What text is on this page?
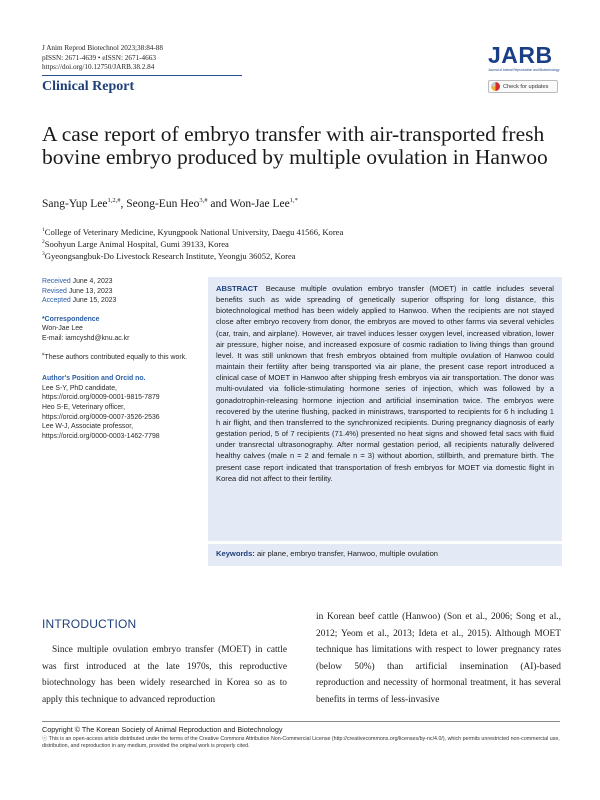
J Anim Reprod Biotechnol 2023;38:84-88
pISSN: 2671-4639 • eISSN: 2671-4663
https://doi.org/10.12750/JARB.38.2.84
Clinical Report
JARB
Journal of Animal Reproduction and Biotechnology
Check for updates
A case report of embryo transfer with air-transported fresh bovine embryo produced by multiple ovulation in Hanwoo
Sang-Yup Lee$^{1,2,\#}$, Seong-Eun Heo$^{3,\#}$ and Won-Jae Lee$^{1,*}$
$^1$College of Veterinary Medicine, Kyungpook National University, Daegu 41566, Korea
$^2$Soohyun Large Animal Hospital, Gumi 39133, Korea
$^3$Gyeongsangbuk-Do Livestock Research Institute, Yeongju 36052, Korea
Received June 4, 2023
Revised June 13, 2023
Accepted June 15, 2023
*Correspondence
Won-Jae Lee
E-mail: iamcyshd@knu.ac.kr
#These authors contributed equally to this work.
Author's Position and Orcid no.
Lee S-Y, PhD candidate,
https://orcid.org/0009-0001-9815-7879
Heo S-E, Veterinary officer,
https://orcid.org/0009-0007-3526-2536
Lee W-J, Associate professor,
https://orcid.org/0000-0003-1462-7798
ABSTRACT Because multiple ovulation embryo transfer (MOET) in cattle includes several benefits such as wide spreading of genetically superior offspring for long distance, this biotechnological method has been widely applied to Hanwoo. When the recipients are not stayed close after embryo recovery from donor, the embryos are moved to other farms via several vehicles (car, train, and airplane). However, air travel induces lesser oxygen level, increased vibration, lower air pressure, higher noise, and increased exposure of cosmic radiation to living things than ground level. It was still unknown that fresh embryos obtained from multiple ovulation of Hanwoo could maintain their fertility after being transported via air plane, the present case report introduced a clinical case of MOET in Hanwoo after shipping fresh embryos via air transportation. The donor was multi-ovulated via follicle-stimulating hormone series of injection, which was followed by a gonadotrophin-releasing hormone injection and artificial insemination twice. The embryos were recovered by the uterine flushing, packed in ministraws, transported to recipients for 6 h including 1 h air flight, and then transferred to the synchronized recipients. During pregnancy diagnosis of early gestation period, 5 of 7 recipients (71.4%) presented no heat signs and showed fetal sacs with fluid under transrectal ultrasonography. After normal gestation period, all recipients naturally delivered healthy calves (male n = 2 and female n = 3) without abortion, stillbirth, and premature birth. The present case report indicated that transportation of fresh embryos for MOET via domestic flight in Korea did not affect to their fertility.
Keywords: air plane, embryo transfer, Hanwoo, multiple ovulation
INTRODUCTION

Since multiple ovulation embryo transfer (MOET) in cattle was first introduced at the late 1970s, this reproductive biotechnology has been widely researched in Korea so as to apply this technique to advanced reproduction

in Korean beef cattle (Hanwoo) (Son et al., 2006; Song et al., 2012; Yeom et al., 2013; Ideta et al., 2015). Although MOET technique has limitations with respect to lower pregnancy rates (below 50%) than artificial insemination (AI)-based reproduction and necessity of hormonal treatment, it has several benefits in terms of less-invasive

Copyright © The Korean Society of Animal Reproduction and Biotechnology
ⓒ This is an open-access article distributed under the terms of the Creative Commons Attribution Non-Commercial License (http://creativecommons.org/licenses/by-nc/4.0/), which permits unrestricted non-commercial use, distribution, and reproduction in any medium, provided the original work is properly cited.
